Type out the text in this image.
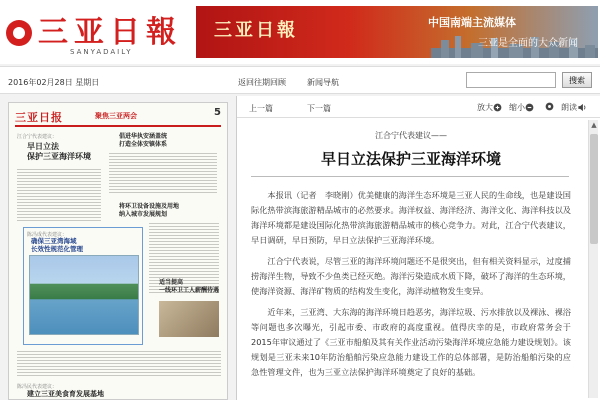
三亚日報
SANYADAILY
三亚日報	中国南端主流媒体
三亚是全面的大众新闻
2016年02月28日 星期日	返回往期回顾	新闻导航	搜索
三亚日报	聚焦三亚两会	5
江合宁代表建议：
早日立法
保护三亚海洋环境
倡进华执安涵盖统
打造全体安镇体系
将环卫设备设施及用地
纳入城市发展规划
陈冯成代表建议：
确保三亚湾海域
长效性规范化管理
适当提高
一线环卫工人薪酬待遇
陈冯民代表建议：
建立三亚美食育发展基地
上一篇	下一篇	放大 缩小	朗读
江合宁代表建议——
早日立法保护三亚海洋环境

本报讯（记者　李晓刚）优美健康的海洋生态环境是三亚人民的生命线，也是建设国际化热带滨海旅游精品城市的必然要求。海洋权益、海洋经济、海洋文化、海洋科技以及海洋环境都是建设国际化热带滨海旅游精品城市的核心竞争力。对此，江合宁代表建议，早日调研，早日预防，早日立法保护三亚海洋环境。

江合宁代表说，尽管三亚的海洋环境问题还不是很突出，但有相关资料显示，过度捕捞海洋生物，导致不少鱼类已经灭绝。海洋污染造成水质下降，破坏了海洋的生态环境，使海洋资源、海洋矿物质的结构发生变化，海洋动植物发生变异。

近年来，三亚湾、大东海的海洋环境日趋恶劣，海洋垃圾、污水排放以及裸泳、裸浴等问题也多次曝光，引起市委、市政府的高度重视。值得庆幸的是，市政府常务会于2015年审议通过了《三亚市船舶及其有关作业活动污染海洋环境应急能力建设规划》。该规划是三亚未来10年防治船舶污染应急能力建设工作的总体部署，是防治船舶污染的应急性管理文件，也为三亚立法保护海洋环境奠定了良好的基础。

▲
